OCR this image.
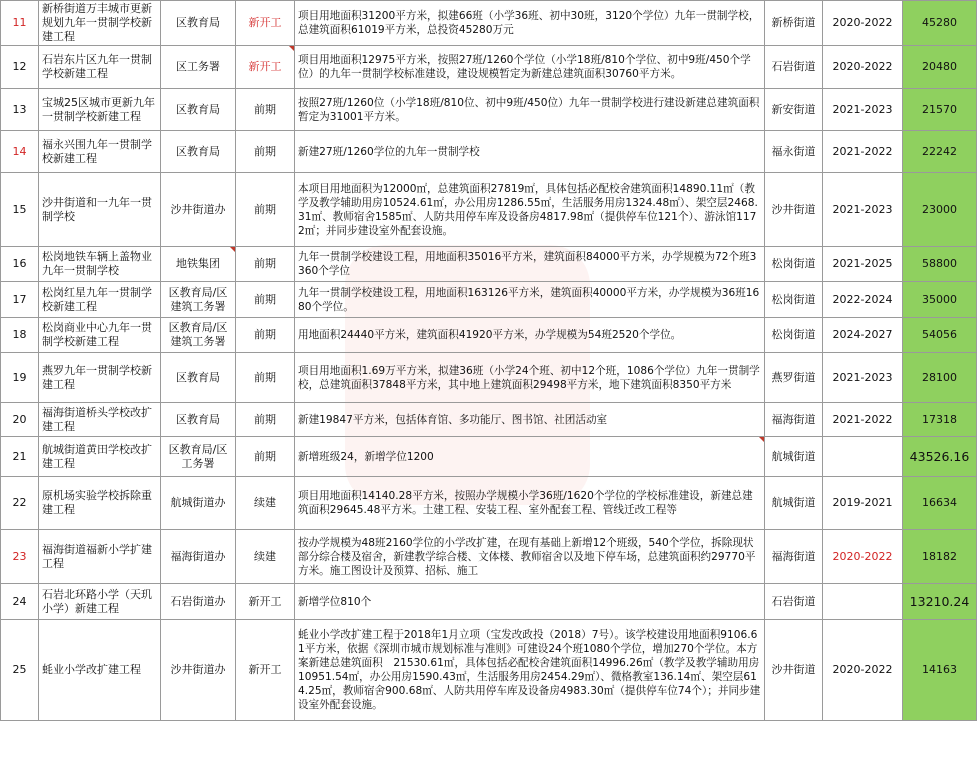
11	新桥街道万丰城市更新规划九年一贯制学校新建工程	区教育局	新开工	项目用地面积31200平方米，拟建66班（小学36班、初中30班，3120个学位）九年一贯制学校，总建筑面积61019平方米，总投资45280万元	新桥街道	2020-2022	45280
12	石岩东片区九年一贯制学校新建工程	区工务署	新开工	项目用地面积12975平方米，按照27班/1260个学位（小学18班/810个学位、初中9班/450个学位）的九年一贯制学校标准建设，建设规模暂定为新建总建筑面积30760平方米。	石岩街道	2020-2022	20480
13	宝城25区城市更新九年一贯制学校新建工程	区教育局	前期	按照27班/1260位（小学18班/810位、初中9班/450位）九年一贯制学校进行建设新建总建筑面积暂定为31001平方米。	新安街道	2021-2023	21570
14	福永兴围九年一贯制学校新建工程	区教育局	前期	新建27班/1260学位的九年一贯制学校	福永街道	2021-2022	22242
15	沙井街道和一九年一贯制学校	沙井街道办	前期	本项目用地面积为12000㎡，总建筑面积27819㎡，具体包括必配校舍建筑面积14890.11㎡（教学及教学辅助用房10524.61㎡，办公用房1286.55㎡，生活服务用房1324.48㎡）、架空层2468.31㎡、教师宿舍1585㎡、人防共用停车库及设备房4817.98㎡（提供停车位121个）、游泳馆1172㎡；并同步建设室外配套设施。	沙井街道	2021-2023	23000
16	松岗地铁车辆上盖物业九年一贯制学校	地铁集团	前期	九年一贯制学校建设工程，用地面积35016平方米，建筑面积84000平方米，办学规模为72个班3360个学位	松岗街道	2021-2025	58800
17	松岗红星九年一贯制学校新建工程	区教育局/区建筑工务署	前期	九年一贯制学校建设工程，用地面积163126平方米，建筑面积40000平方米，办学规模为36班1680个学位。	松岗街道	2022-2024	35000
18	松岗商业中心九年一贯制学校新建工程	区教育局/区建筑工务署	前期	用地面积24440平方米，建筑面积41920平方米，办学规模为54班2520个学位。	松岗街道	2024-2027	54056
19	燕罗九年一贯制学校新建工程	区教育局	前期	项目用地面积1.69万平方米，拟建36班（小学24个班、初中12个班，1086个学位）九年一贯制学校，总建筑面积37848平方米，其中地上建筑面积29498平方米，地下建筑面积8350平方米	燕罗街道	2021-2023	28100
20	福海街道桥头学校改扩建工程	区教育局	前期	新建19847平方米，包括体育馆、多功能厅、图书馆、社团活动室	福海街道	2021-2022	17318
21	航城街道黄田学校改扩建工程	区教育局/区工务署	前期	新增班级24，新增学位1200	航城街道		43526.16
22	原机场实验学校拆除重建工程	航城街道办	续建	项目用地面积14140.28平方米，按照办学规模小学36班/1620个学位的学校标准建设，新建总建筑面积29645.48平方米。土建工程、安装工程、室外配套工程、管线迁改工程等	航城街道	2019-2021	16634
23	福海街道福新小学扩建工程	福海街道办	续建	按办学规模为48班2160学位的小学改扩建，在现有基础上新增12个班级，540个学位，拆除现状部分综合楼及宿舍，新建教学综合楼、文体楼、教师宿舍以及地下停车场，总建筑面积约29770平方米。施工图设计及预算、招标、施工	福海街道	2020-2022	18182
24	石岩北环路小学（天玑小学）新建工程	石岩街道办	新开工	新增学位810个	石岩街道		13210.24
25	蚝业小学改扩建工程	沙井街道办	新开工	蚝业小学改扩建工程于2018年1月立项（宝发改政投（2018）7号）。该学校建设用地面积9106.61平方米，依据《深圳市城市规划标准与准则》可建设24个班1080个学位，增加270个学位。本方案新建总建筑面积　21530.61㎡，具体包括必配校舍建筑面积14996.26㎡（教学及教学辅助用房　10951.54㎡，办公用房1590.43㎡，生活服务用房2454.29㎡）、微格教室136.14㎡、架空层614.25㎡，教师宿舍900.68㎡、人防共用停车库及设备房4983.30㎡（提供停车位74个）；并同步建设室外配套设施。	沙井街道	2020-2022	14163
